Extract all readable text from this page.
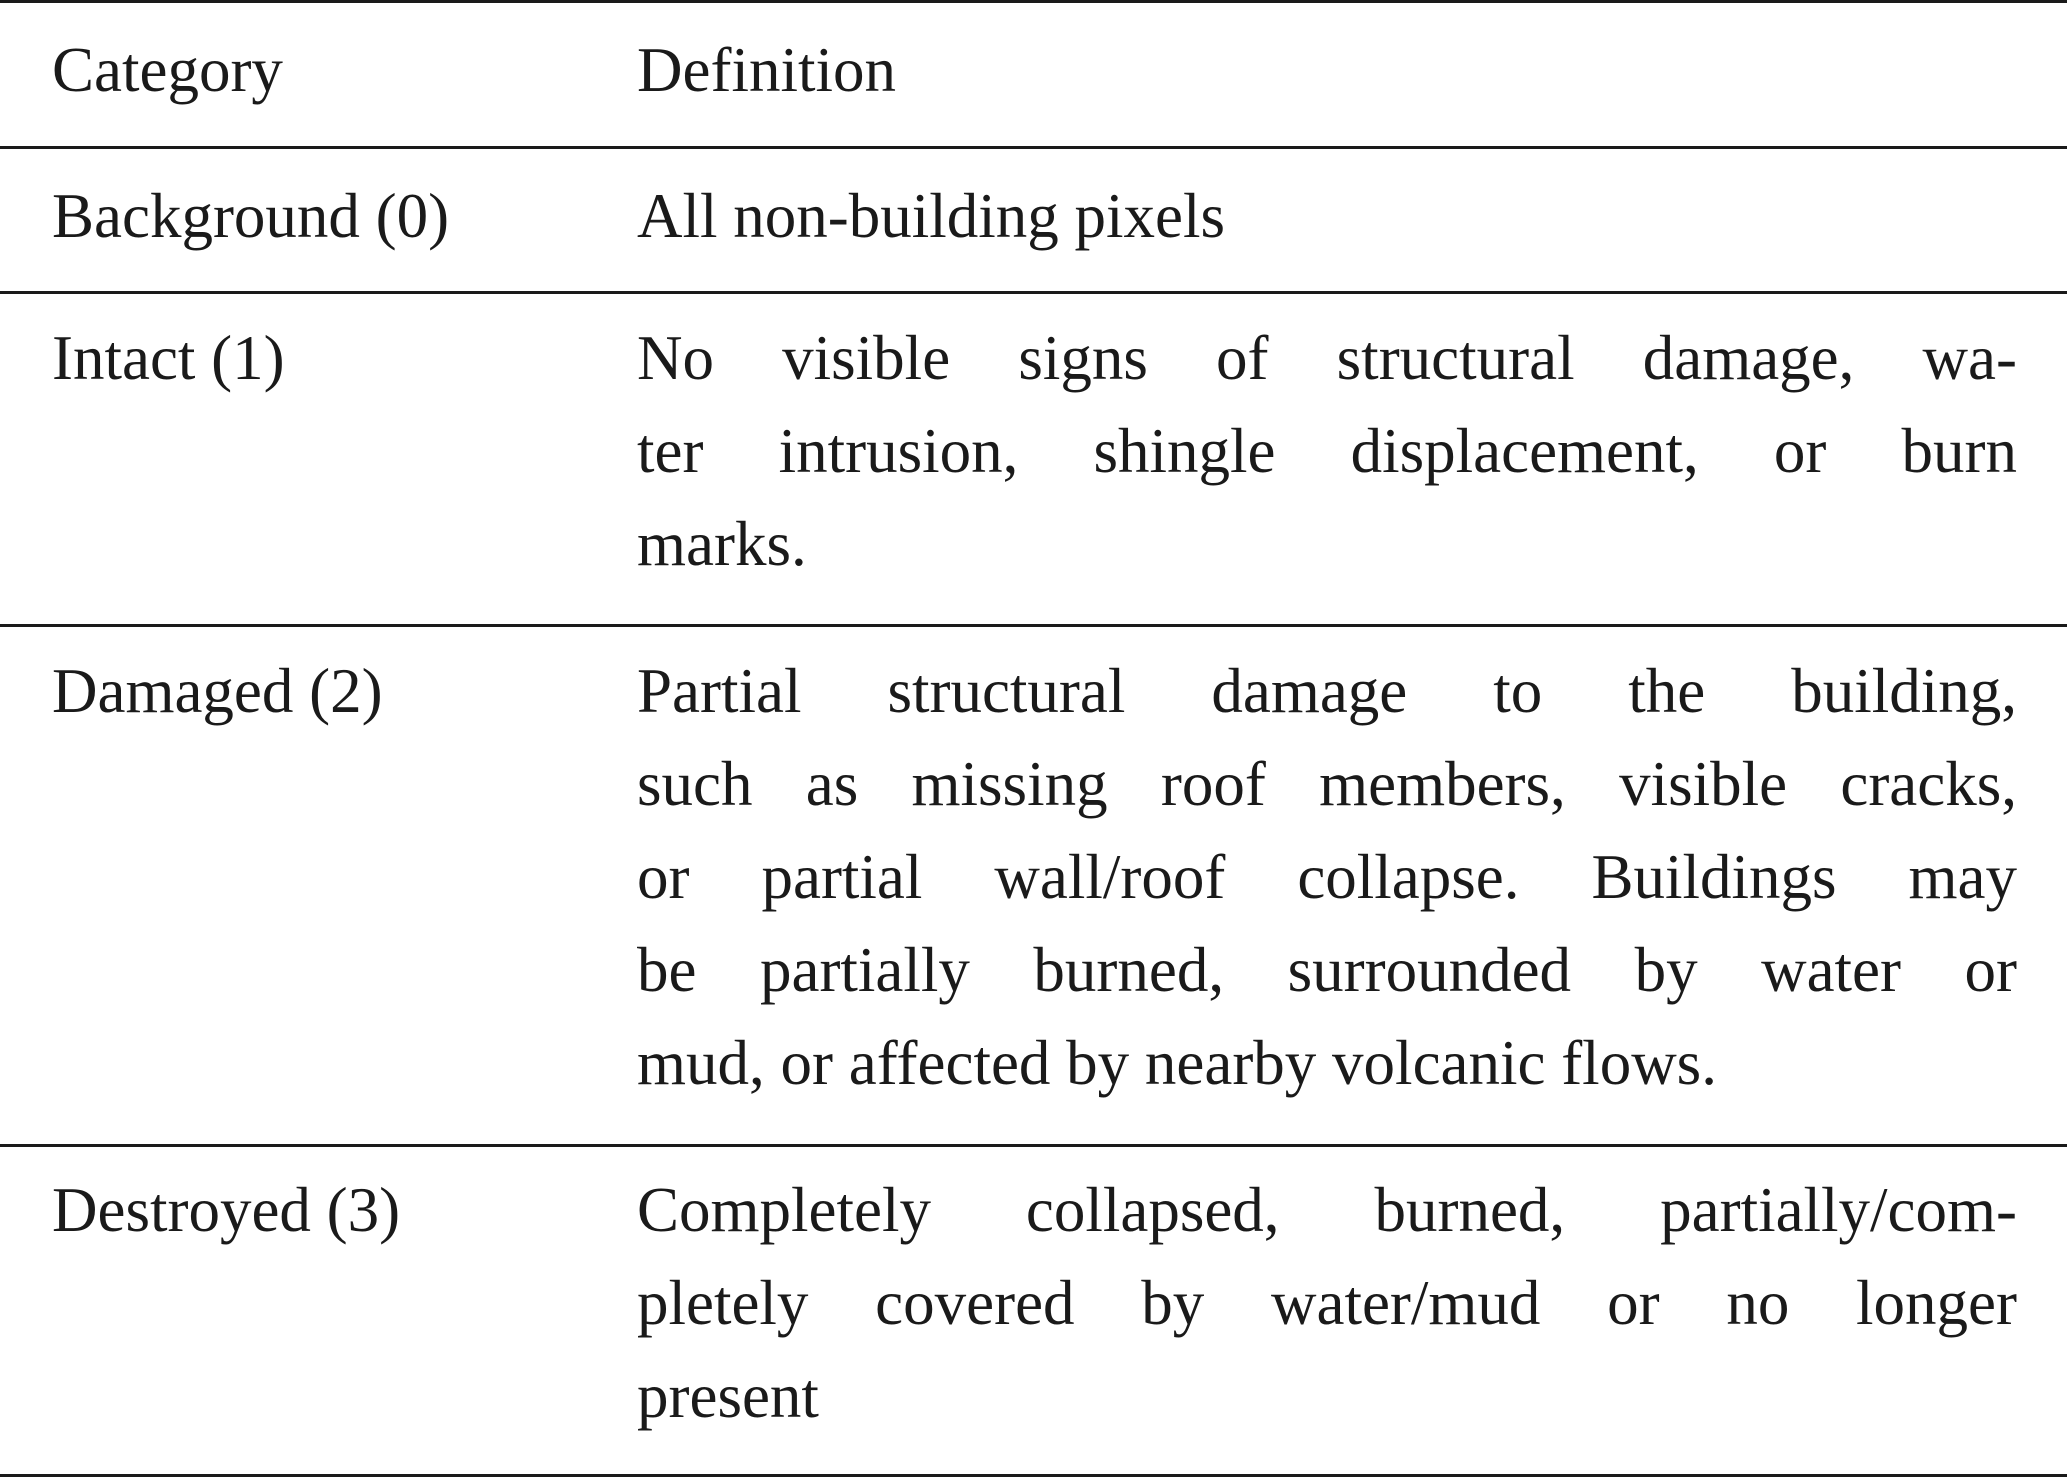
Category	Definition
Background (0)	All non-building pixels
Intact (1)	No visible signs of structural damage, wa-
ter intrusion, shingle displacement, or burn
marks.
Damaged (2)	Partial structural damage to the building,
such as missing roof members, visible cracks,
or partial wall/roof collapse. Buildings may
be partially burned, surrounded by water or
mud, or affected by nearby volcanic flows.
Destroyed (3)	Completely collapsed, burned, partially/com-
pletely covered by water/mud or no longer
present
